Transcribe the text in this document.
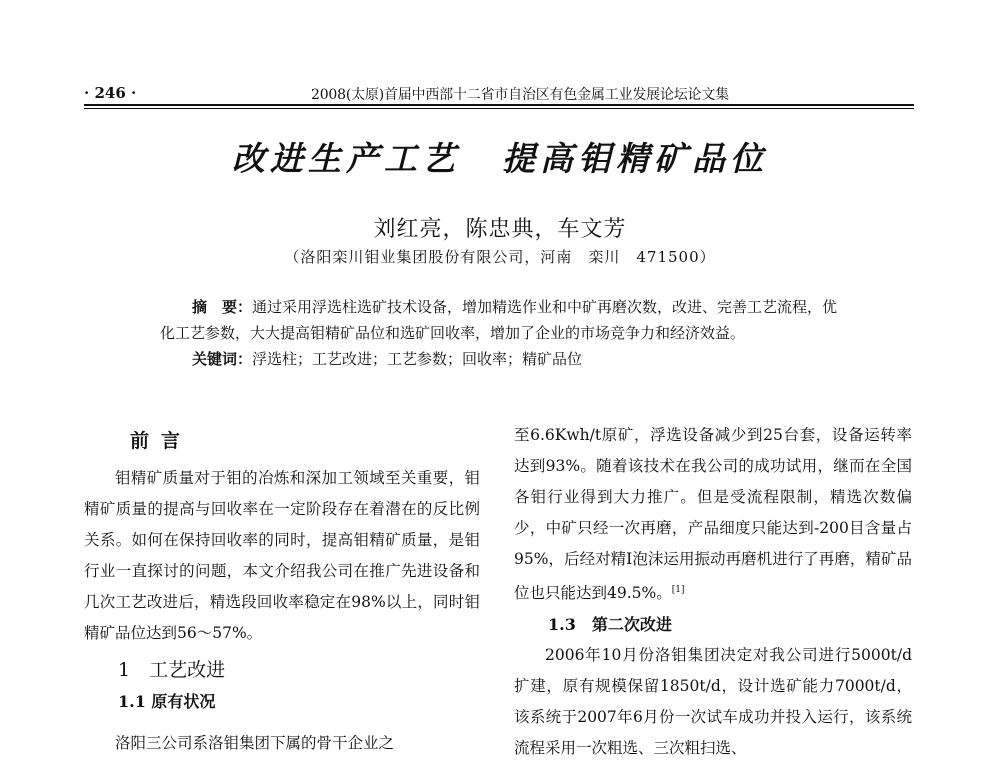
· 246 ·	2008(太原)首届中西部十二省市自治区有色金属工业发展论坛论文集
改进生产工艺 提高钼精矿品位
刘红亮，陈忠典，车文芳
（洛阳栾川钼业集团股份有限公司，河南　栾川　471500）

摘　要：通过采用浮选柱选矿技术设备，增加精选作业和中矿再磨次数，改进、完善工艺流程，优化工艺参数，大大提高钼精矿品位和选矿回收率，增加了企业的市场竞争力和经济效益。

关键词：浮选柱；工艺改进；工艺参数；回收率；精矿品位

前言

钼精矿质量对于钼的冶炼和深加工领域至关重要，钼精矿质量的提高与回收率在一定阶段存在着潜在的反比例关系。如何在保持回收率的同时，提高钼精矿质量，是钼行业一直探讨的问题，本文介绍我公司在推广先进设备和几次工艺改进后，精选段回收率稳定在98%以上，同时钼精矿品位达到56～57%。

1　工艺改进

1.1 原有状况

洛阳三公司系洛钼集团下属的骨干企业之

至6.6Kwh/t原矿，浮选设备减少到25台套，设备运转率达到93%。随着该技术在我公司的成功试用，继而在全国各钼行业得到大力推广。但是受流程限制，精选次数偏少，中矿只经一次再磨，产品细度只能达到-200目含量占95%，后经对精Ⅰ泡沫运用振动再磨机进行了再磨，精矿品位也只能达到49.5%。[1]

1.3　第二次改进

2006年10月份洛钼集团决定对我公司进行5000t/d扩建，原有规模保留1850t/d，设计选矿能力7000t/d，该系统于2007年6月份一次试车成功并投入运行，该系统流程采用一次粗选、三次粗扫选、
